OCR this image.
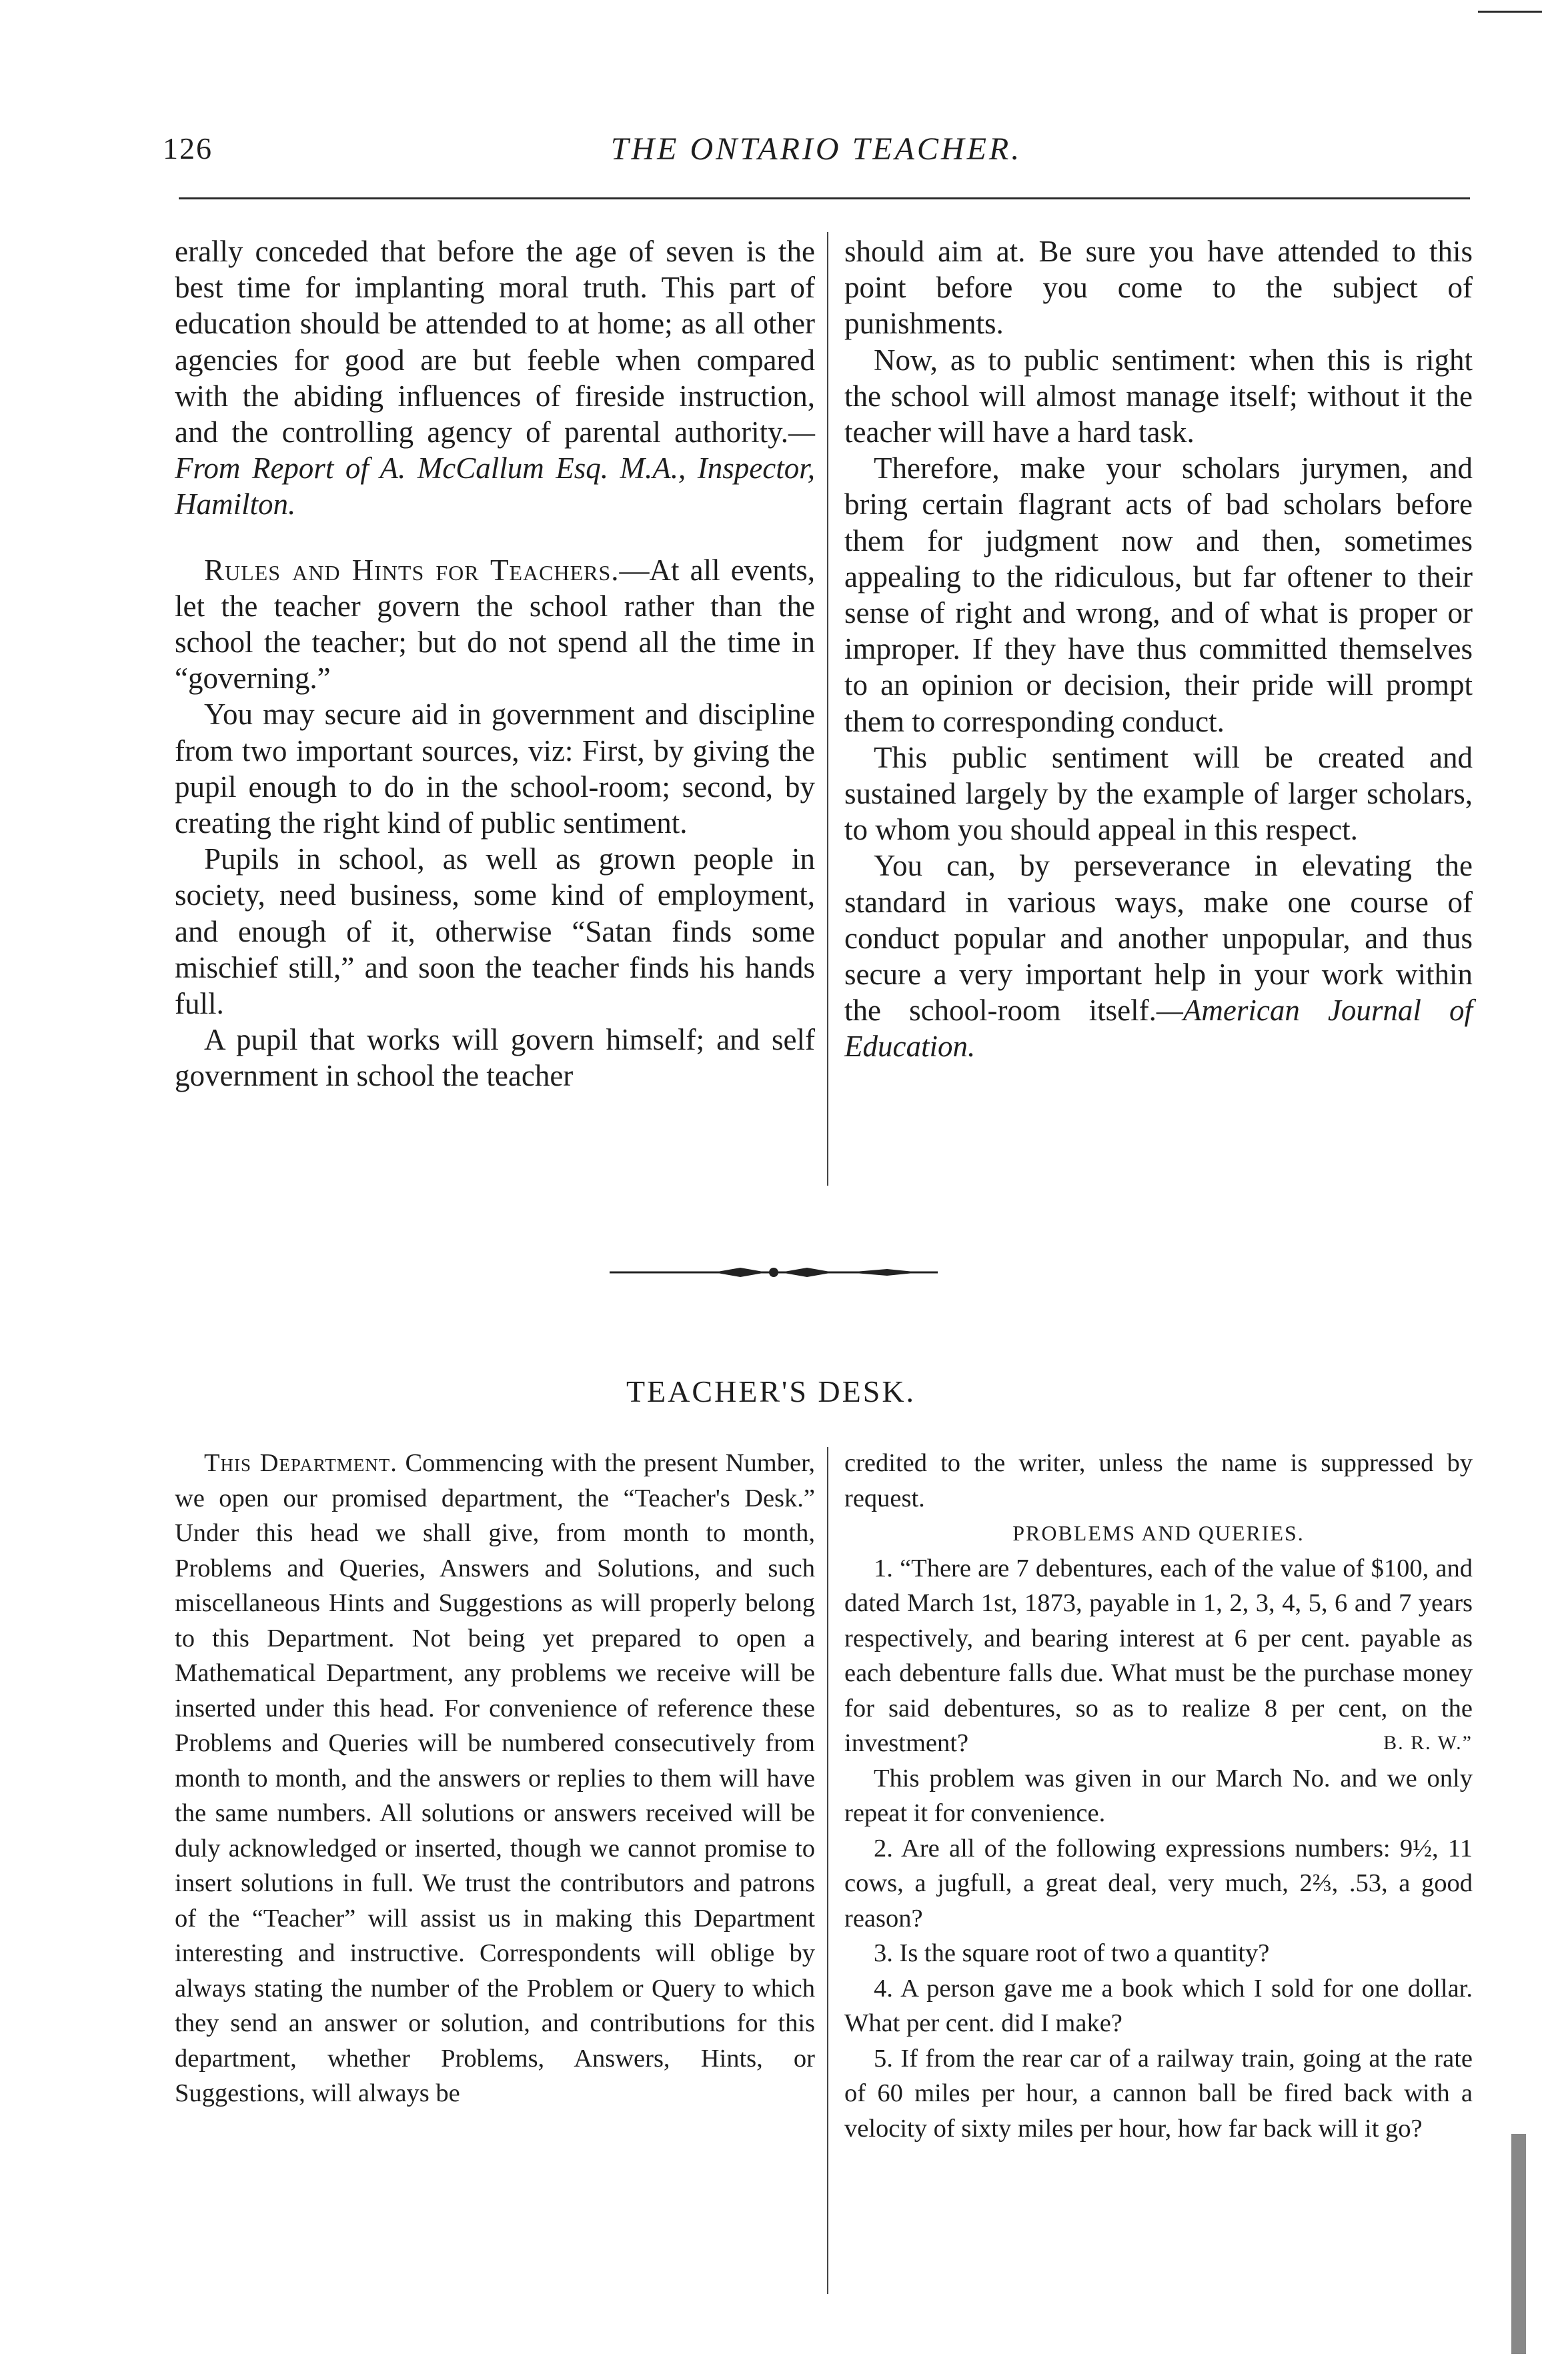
126	THE ONTARIO TEACHER.

erally conceded that before the age of seven is the best time for implanting moral truth. This part of education should be attended to at home; as all other agencies for good are but feeble when compared with the abiding influences of fireside instruction, and the controlling agency of parental authority.—From Report of A. McCallum Esq. M.A., Inspector, Hamilton.

Rules and Hints for Teachers.—At all events, let the teacher govern the school rather than the school the teacher; but do not spend all the time in “governing.”

You may secure aid in government and discipline from two important sources, viz: First, by giving the pupil enough to do in the school-room; second, by creating the right kind of public sentiment.

Pupils in school, as well as grown people in society, need business, some kind of employment, and enough of it, otherwise “Satan finds some mischief still,” and soon the teacher finds his hands full.

A pupil that works will govern himself; and self government in school the teacher

should aim at. Be sure you have attended to this point before you come to the subject of punishments.

Now, as to public sentiment: when this is right the school will almost manage itself; without it the teacher will have a hard task.

Therefore, make your scholars jurymen, and bring certain flagrant acts of bad scholars before them for judgment now and then, sometimes appealing to the ridiculous, but far oftener to their sense of right and wrong, and of what is proper or improper. If they have thus committed themselves to an opinion or decision, their pride will prompt them to corresponding conduct.

This public sentiment will be created and sustained largely by the example of larger scholars, to whom you should appeal in this respect.

You can, by perseverance in elevating the standard in various ways, make one course of conduct popular and another unpopular, and thus secure a very important help in your work within the school-room itself.—American Journal of Education.

TEACHER'S DESK.

This Department. Commencing with the present Number, we open our promised department, the “Teacher's Desk.” Under this head we shall give, from month to month, Problems and Queries, Answers and Solutions, and such miscellaneous Hints and Suggestions as will properly belong to this Department. Not being yet prepared to open a Mathematical Department, any problems we receive will be inserted under this head. For convenience of reference these Problems and Queries will be numbered consecutively from month to month, and the answers or replies to them will have the same numbers. All solutions or answers received will be duly acknowledged or inserted, though we cannot promise to insert solutions in full. We trust the contributors and patrons of the “Teacher” will assist us in making this Department interesting and instructive. Correspondents will oblige by always stating the number of the Problem or Query to which they send an answer or solution, and contributions for this department, whether Problems, Answers, Hints, or Suggestions, will always be

credited to the writer, unless the name is suppressed by request.

PROBLEMS AND QUERIES.

1. “There are 7 debentures, each of the value of $100, and dated March 1st, 1873, payable in 1, 2, 3, 4, 5, 6 and 7 years respectively, and bearing interest at 6 per cent. payable as each debenture falls due. What must be the purchase money for said debentures, so as to realize 8 per cent, on the investment?	B. R. W.”

This problem was given in our March No. and we only repeat it for convenience.

2. Are all of the following expressions numbers: 9½, 11 cows, a jugfull, a great deal, very much, 2⅔, .53, a good reason?

3. Is the square root of two a quantity?

4. A person gave me a book which I sold for one dollar. What per cent. did I make?

5. If from the rear car of a railway train, going at the rate of 60 miles per hour, a cannon ball be fired back with a velocity of sixty miles per hour, how far back will it go?
